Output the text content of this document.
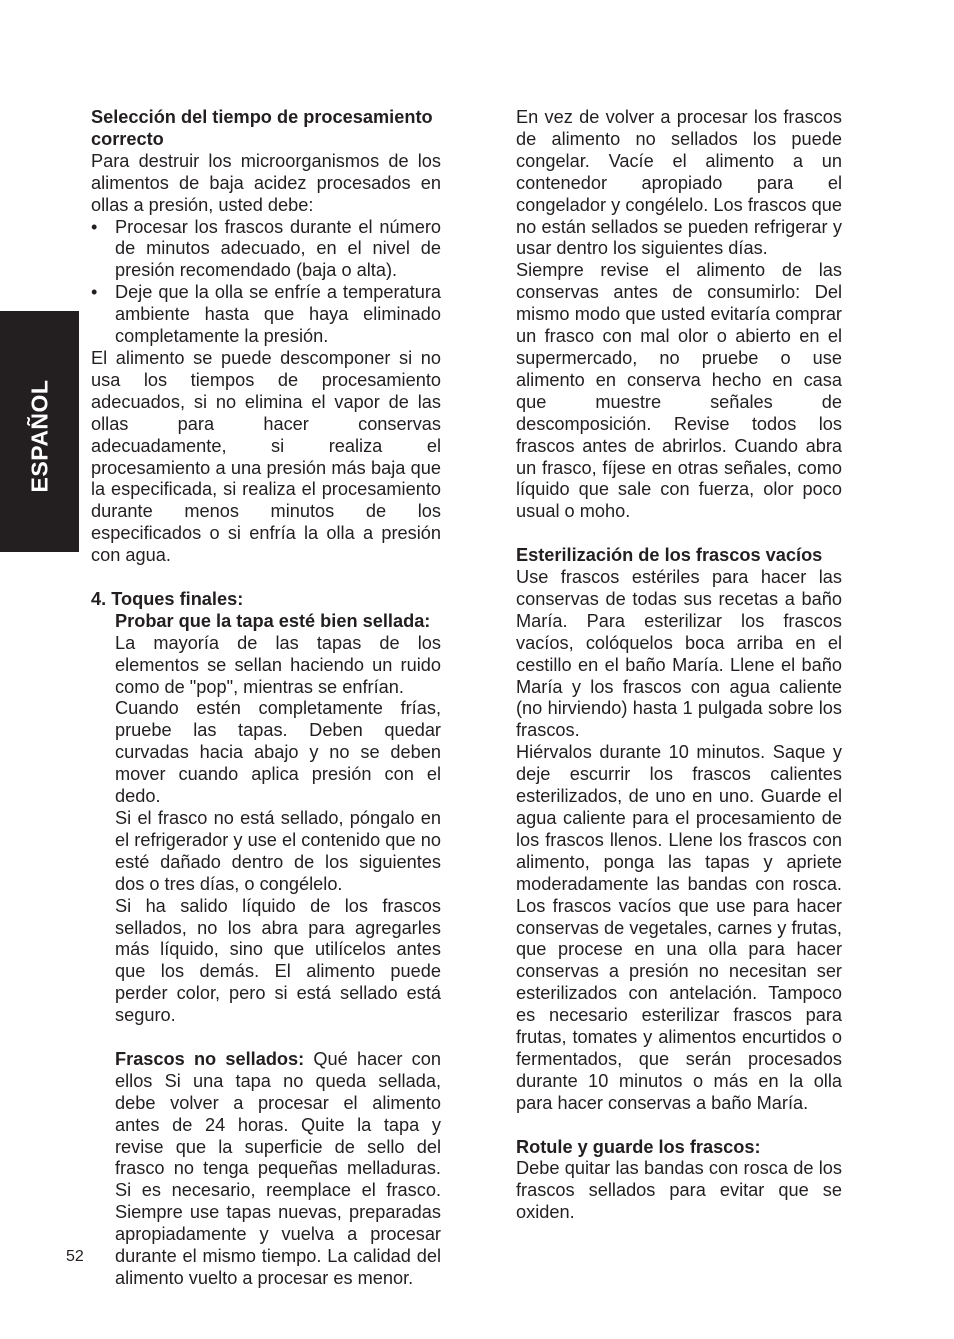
ESPAÑOL

Selección del tiempo de procesamiento correcto

Para destruir los microorganismos de los alimentos de baja acidez procesados en ollas a presión, usted debe:

• Procesar los frascos durante el número de minutos adecuado, en el nivel de presión recomendado (baja o alta).
• Deje que la olla se enfríe a temperatura ambiente hasta que haya eliminado completamente la presión.

El alimento se puede descomponer si no usa los tiempos de procesamiento adecuados, si no elimina el vapor de las ollas para hacer conservas adecuadamente, si realiza el procesamiento a una presión más baja que la especificada, si realiza el procesamiento durante menos minutos de los especificados o si enfría la olla a presión con agua.

4. Toques finales:

Probar que la tapa esté bien sellada:

La mayoría de las tapas de los elementos se sellan haciendo un ruido como de "pop", mientras se enfrían.

Cuando estén completamente frías, pruebe las tapas. Deben quedar curvadas hacia abajo y no se deben mover cuando aplica presión con el dedo.

Si el frasco no está sellado, póngalo en el refrigerador y use el contenido que no esté dañado dentro de los siguientes dos o tres días, o congélelo.

Si ha salido líquido de los frascos sellados, no los abra para agregarles más líquido, sino que utilícelos antes que los demás. El alimento puede perder color, pero si está sellado está seguro.

Frascos no sellados: Qué hacer con ellos Si una tapa no queda sellada, debe volver a procesar el alimento antes de 24 horas. Quite la tapa y revise que la superficie de sello del frasco no tenga pequeñas melladuras. Si es necesario, reemplace el frasco. Siempre use tapas nuevas, preparadas apropiadamente y vuelva a procesar durante el mismo tiempo. La calidad del alimento vuelto a procesar es menor.

En vez de volver a procesar los frascos de alimento no sellados los puede congelar. Vacíe el alimento a un contenedor apropiado para el congelador y congélelo. Los frascos que no están sellados se pueden refrigerar y usar dentro los siguientes días.

Siempre revise el alimento de las conservas antes de consumirlo: Del mismo modo que usted evitaría comprar un frasco con mal olor o abierto en el supermercado, no pruebe o use alimento en conserva hecho en casa que muestre señales de descomposición. Revise todos los frascos antes de abrirlos. Cuando abra un frasco, fíjese en otras señales, como líquido que sale con fuerza, olor poco usual o moho.

Esterilización de los frascos vacíos

Use frascos estériles para hacer las conservas de todas sus recetas a baño María. Para esterilizar los frascos vacíos, colóquelos boca arriba en el cestillo en el baño María. Llene el baño María y los frascos con agua caliente (no hirviendo) hasta 1 pulgada sobre los frascos.

Hiérvalos durante 10 minutos. Saque y deje escurrir los frascos calientes esterilizados, de uno en uno. Guarde el agua caliente para el procesamiento de los frascos llenos. Llene los frascos con alimento, ponga las tapas y apriete moderadamente las bandas con rosca. Los frascos vacíos que use para hacer conservas de vegetales, carnes y frutas, que procese en una olla para hacer conservas a presión no necesitan ser esterilizados con antelación. Tampoco es necesario esterilizar frascos para frutas, tomates y alimentos encurtidos o fermentados, que serán procesados durante 10 minutos o más en la olla para hacer conservas a baño María.

Rotule y guarde los frascos:

Debe quitar las bandas con rosca de los frascos sellados para evitar que se oxiden.

52
